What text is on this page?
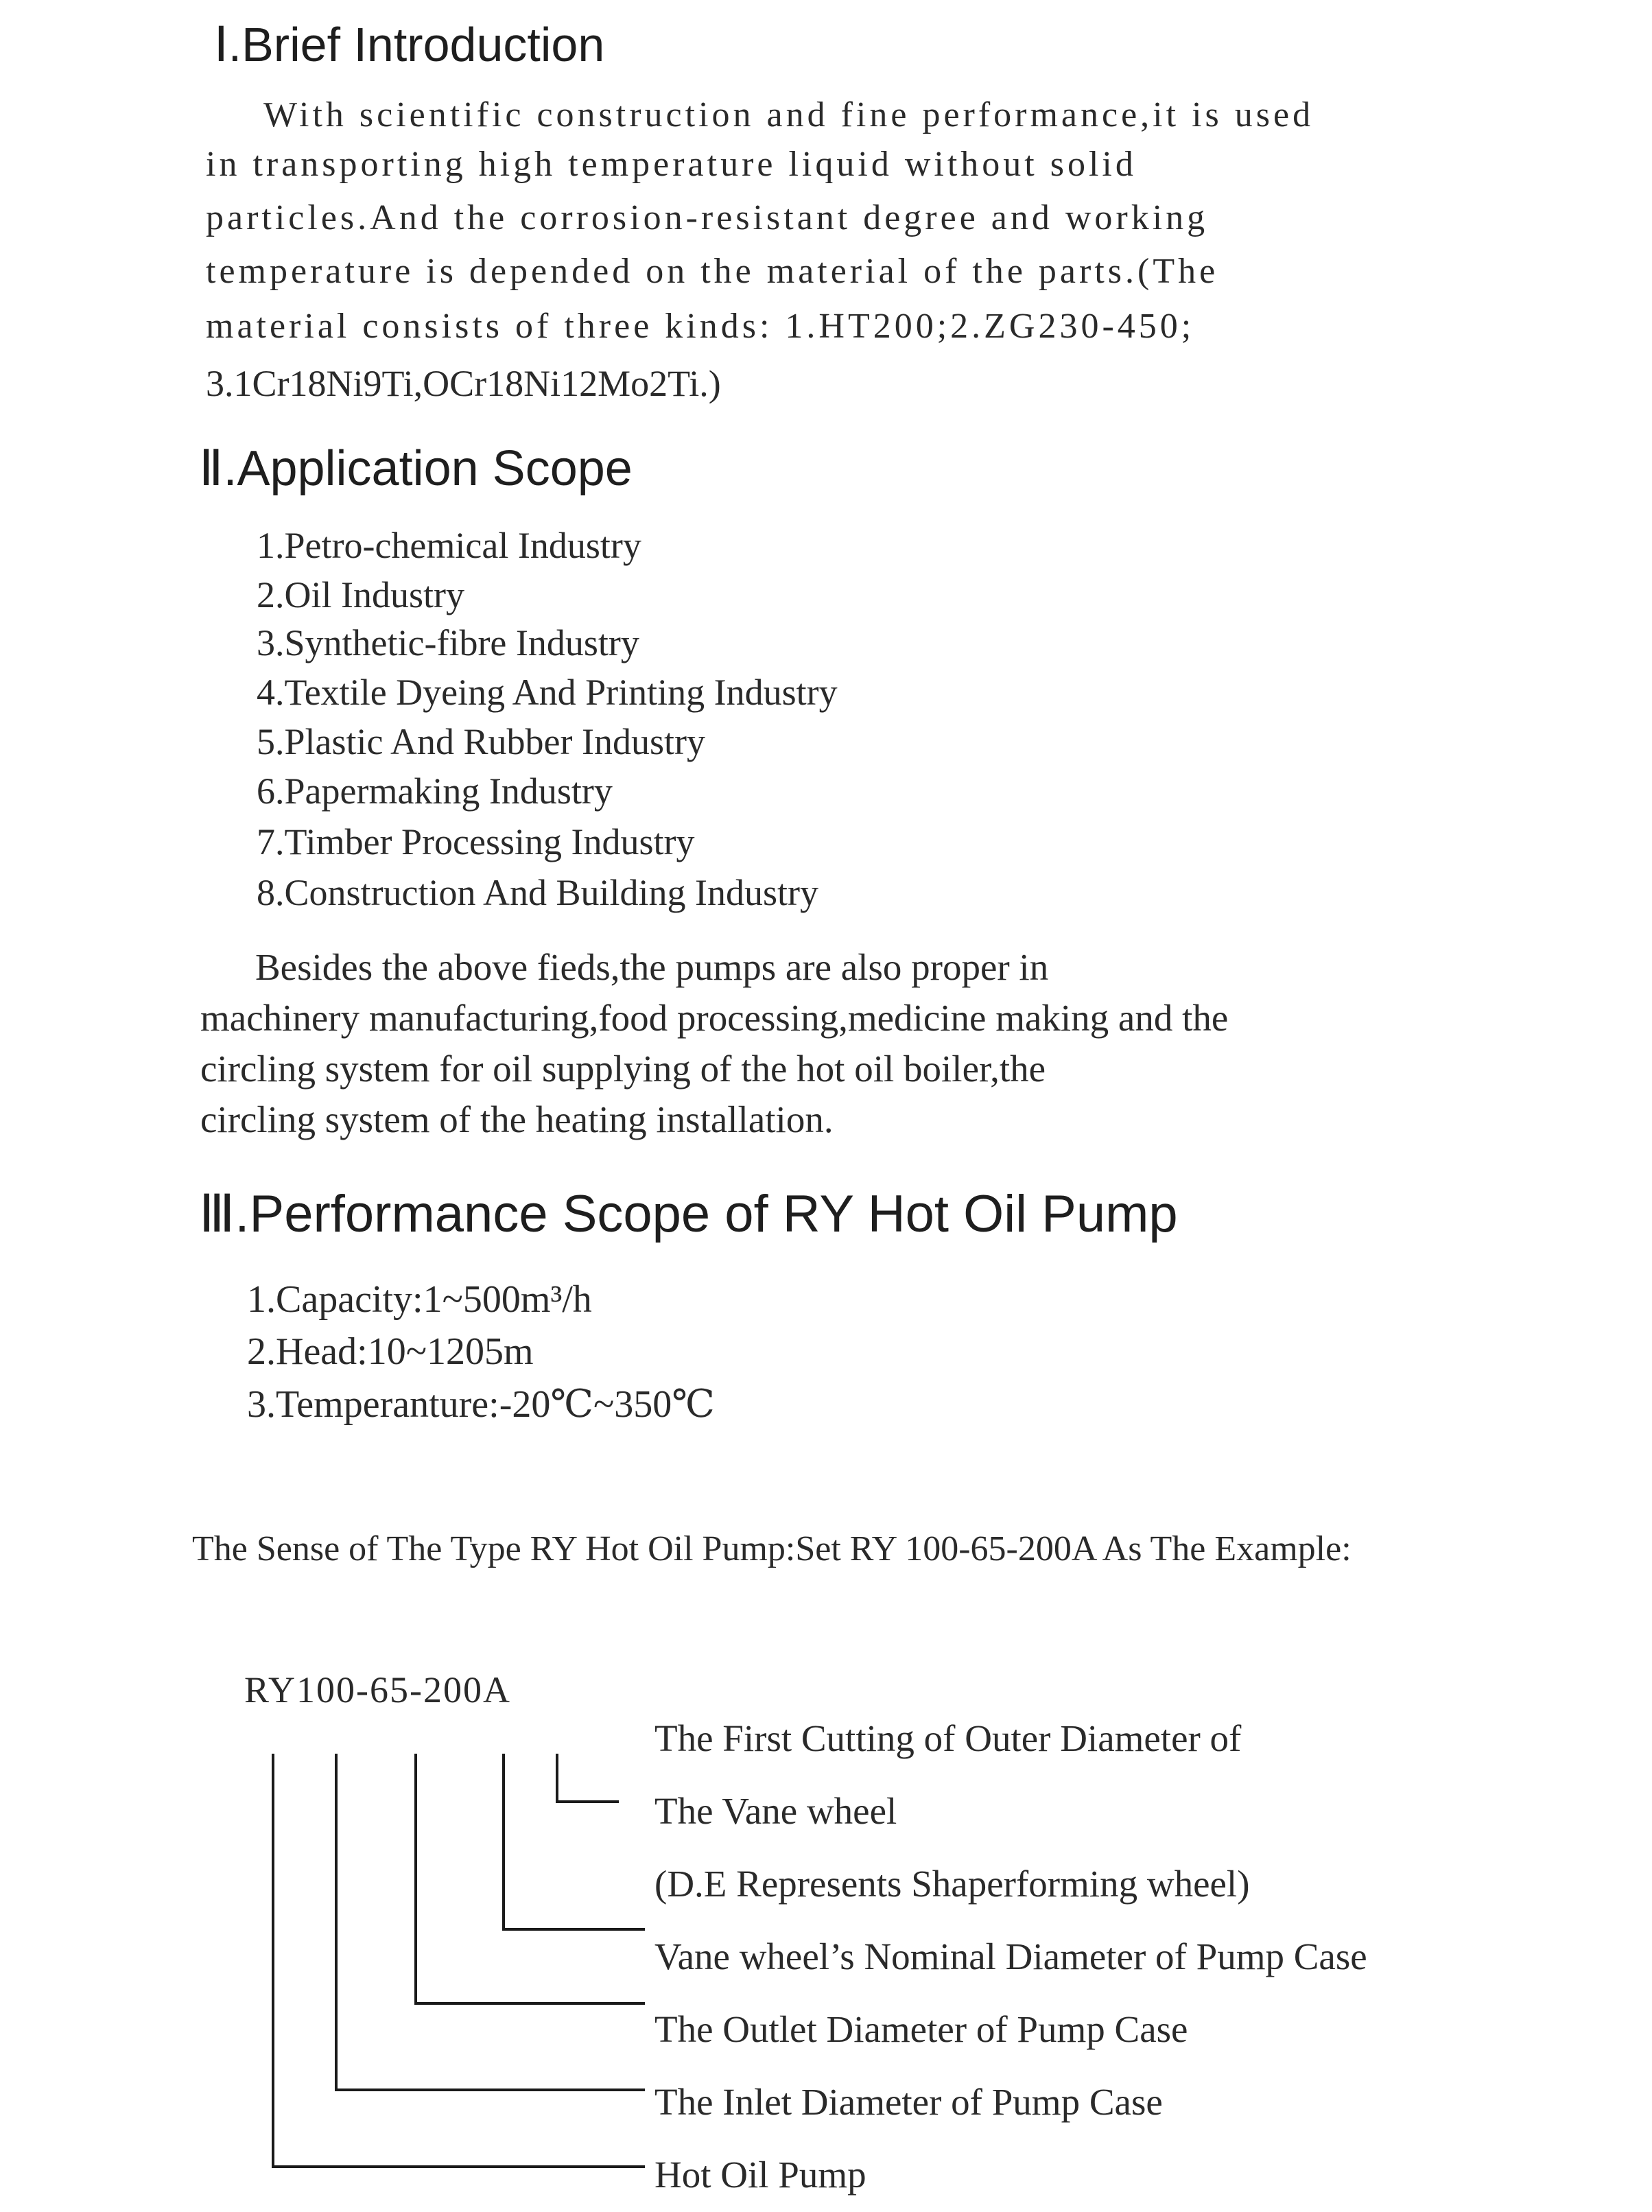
Ⅰ.Brief Introduction
With scientific construction and fine performance,it is used
in transporting high temperature liquid without solid
particles.And the corrosion-resistant degree and working
temperature is depended on the material of the parts.(The
material consists of three kinds: 1.HT200;2.ZG230-450;
3.1Cr18Ni9Ti,OCr18Ni12Mo2Ti.)
Ⅱ.Application Scope
1.Petro-chemical Industry
2.Oil Industry
3.Synthetic-fibre Industry
4.Textile Dyeing And Printing Industry
5.Plastic And Rubber Industry
6.Papermaking Industry
7.Timber Processing Industry
8.Construction And Building Industry
Besides the above fieds,the pumps are also proper in
machinery manufacturing,food processing,medicine making and the
circling system for oil supplying of the hot oil boiler,the
circling system of the heating installation.
Ⅲ.Performance Scope of RY Hot Oil Pump
1.Capacity:1~500m³/h
2.Head:10~1205m
3.Temperanture:-20℃~350℃
The Sense of The Type RY Hot Oil Pump:Set RY 100-65-200A As The Example:
RY100-65-200A
The First Cutting of Outer Diameter of
The Vane wheel
(D.E Represents Shaperforming wheel)
Vane wheel’s Nominal Diameter of Pump Case
The Outlet Diameter of Pump Case
The Inlet Diameter of Pump Case
Hot Oil Pump
